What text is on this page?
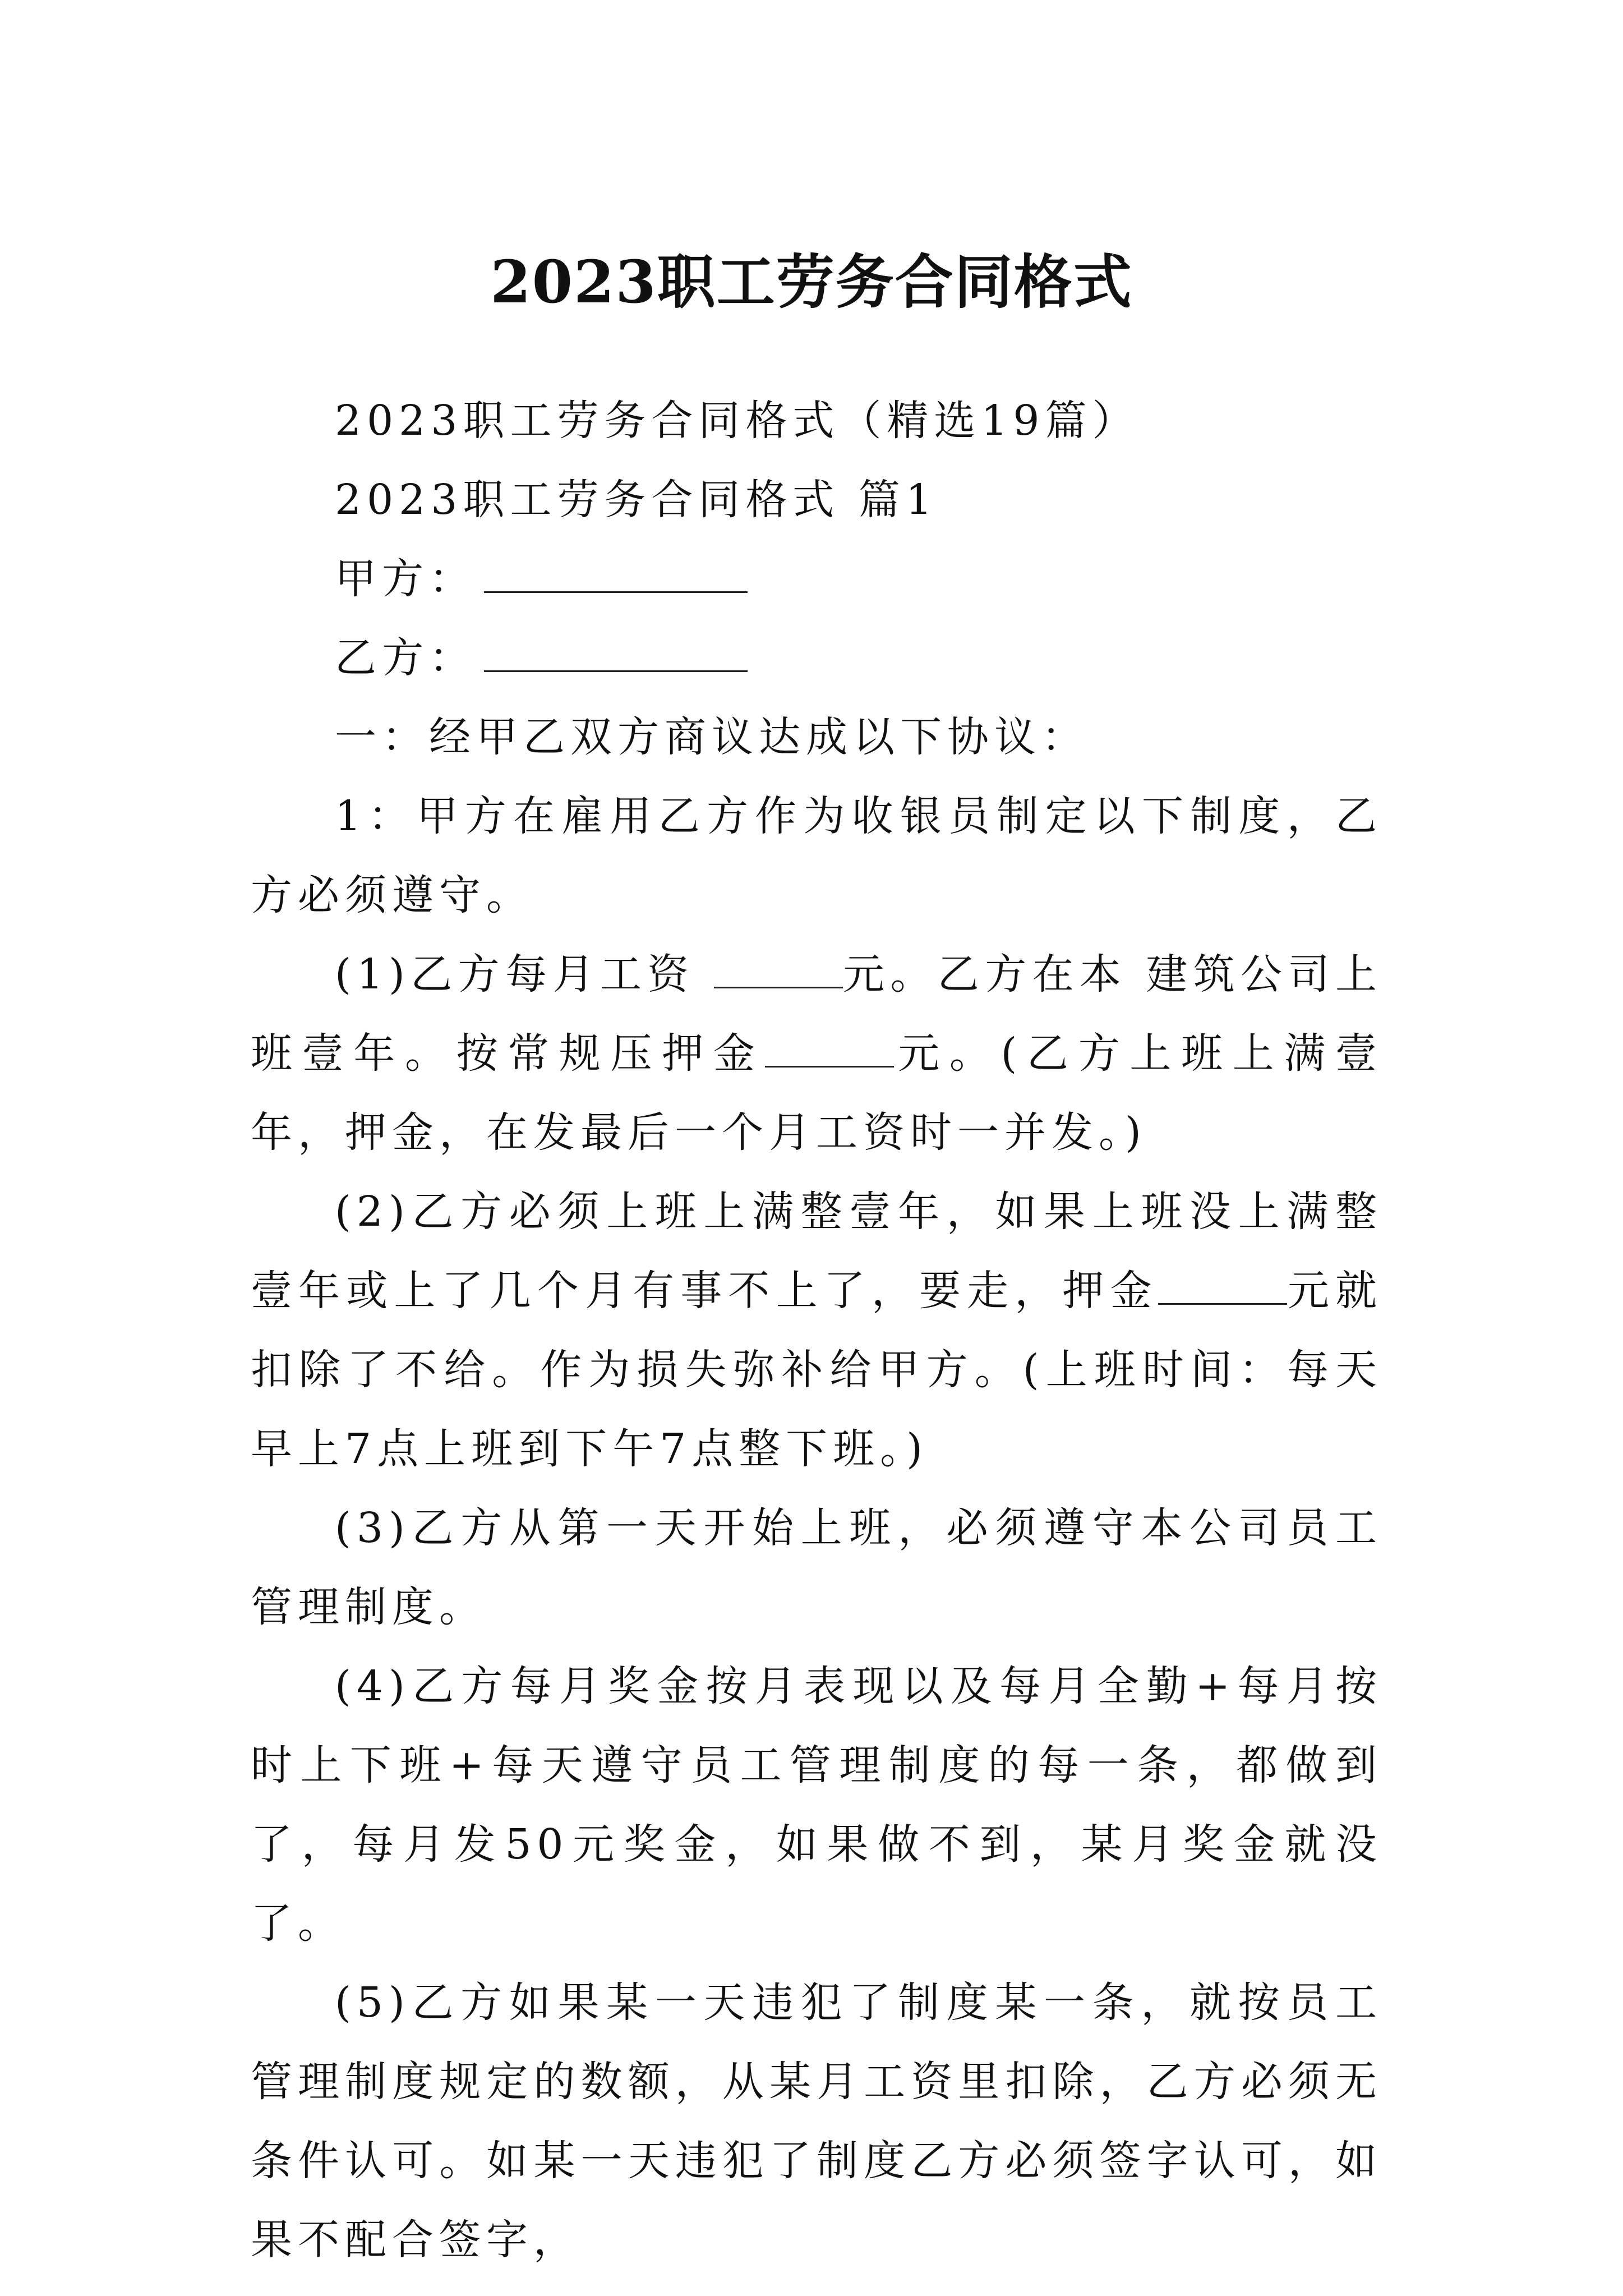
2023职工劳务合同格式

2023职工劳务合同格式（精选19篇）

2023职工劳务合同格式 篇1

甲方：

乙方：

一：经甲乙双方商议达成以下协议：

1：甲方在雇用乙方作为收银员制定以下制度，乙方必须遵守。

(1)乙方每月工资	元。乙方在本 建筑公司上班壹年。按常规压押金	元。(乙方上班上满壹年，押金，在发最后一个月工资时一并发。)

(2)乙方必须上班上满整壹年，如果上班没上满整壹年或上了几个月有事不上了，要走，押金	元就扣除了不给。作为损失弥补给甲方。(上班时间：每天早上7点上班到下午7点整下班。)

(3)乙方从第一天开始上班，必须遵守本公司员工管理制度。

(4)乙方每月奖金按月表现以及每月全勤+每月按时上下班+每天遵守员工管理制度的每一条，都做到了，每月发50元奖金，如果做不到，某月奖金就没了。

(5)乙方如果某一天违犯了制度某一条，就按员工管理制度规定的数额，从某月工资里扣除，乙方必须无条件认可。如某一天违犯了制度乙方必须签字认可，如果不配合签字，
